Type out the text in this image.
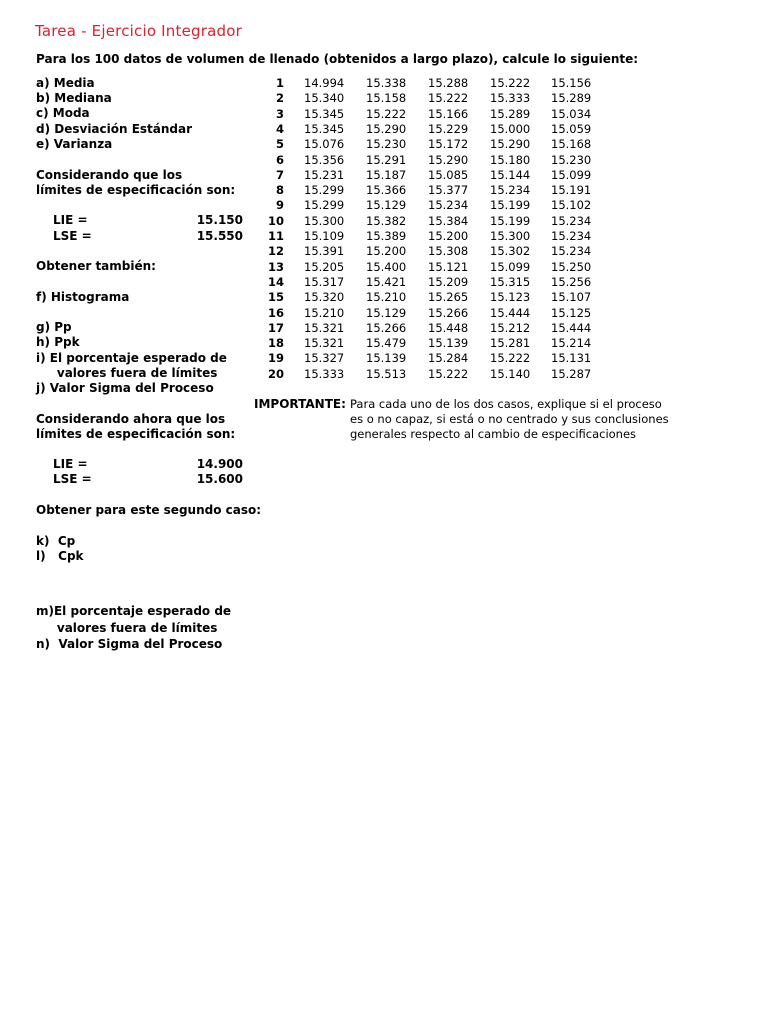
Tarea - Ejercicio Integrador
Para los 100 datos de volumen de llenado (obtenidos a largo plazo), calcule lo siguiente:
a) Media
b) Mediana
c) Moda
d) Desviación Estándar
e) Varianza
Considerando que los
límites de especificación son:
LIE =	15.150
LSE =	15.550
Obtener también:
f) Histograma
g) Pp
h) Ppk
i) El porcentaje esperado de
valores fuera de límites
j) Valor Sigma del Proceso
Considerando ahora que los
límites de especificación son:
LIE =	14.900
LSE =	15.600
Obtener para este segundo caso:
k)  Cp
l)   Cpk
m)El porcentaje esperado de
valores fuera de límites
n)  Valor Sigma del Proceso
1 14.994	15.338	15.288	15.222	15.156
2 15.340	15.158	15.222	15.333	15.289
3 15.345	15.222	15.166	15.289	15.034
4 15.345	15.290	15.229	15.000	15.059
5 15.076	15.230	15.172	15.290	15.168
6 15.356	15.291	15.290	15.180	15.230
7 15.231	15.187	15.085	15.144	15.099
8 15.299	15.366	15.377	15.234	15.191
9 15.299	15.129	15.234	15.199	15.102
10 15.300	15.382	15.384	15.199	15.234
11 15.109	15.389	15.200	15.300	15.234
12 15.391	15.200	15.308	15.302	15.234
13 15.205	15.400	15.121	15.099	15.250
14 15.317	15.421	15.209	15.315	15.256
15 15.320	15.210	15.265	15.123	15.107
16 15.210	15.129	15.266	15.444	15.125
17 15.321	15.266	15.448	15.212	15.444
18 15.321	15.479	15.139	15.281	15.214
19 15.327	15.139	15.284	15.222	15.131
20 15.333	15.513	15.222	15.140	15.287
IMPORTANTE: Para cada uno de los dos casos, explique si el proceso
es o no capaz, si está o no centrado y sus conclusiones
generales respecto al cambio de especificaciones
